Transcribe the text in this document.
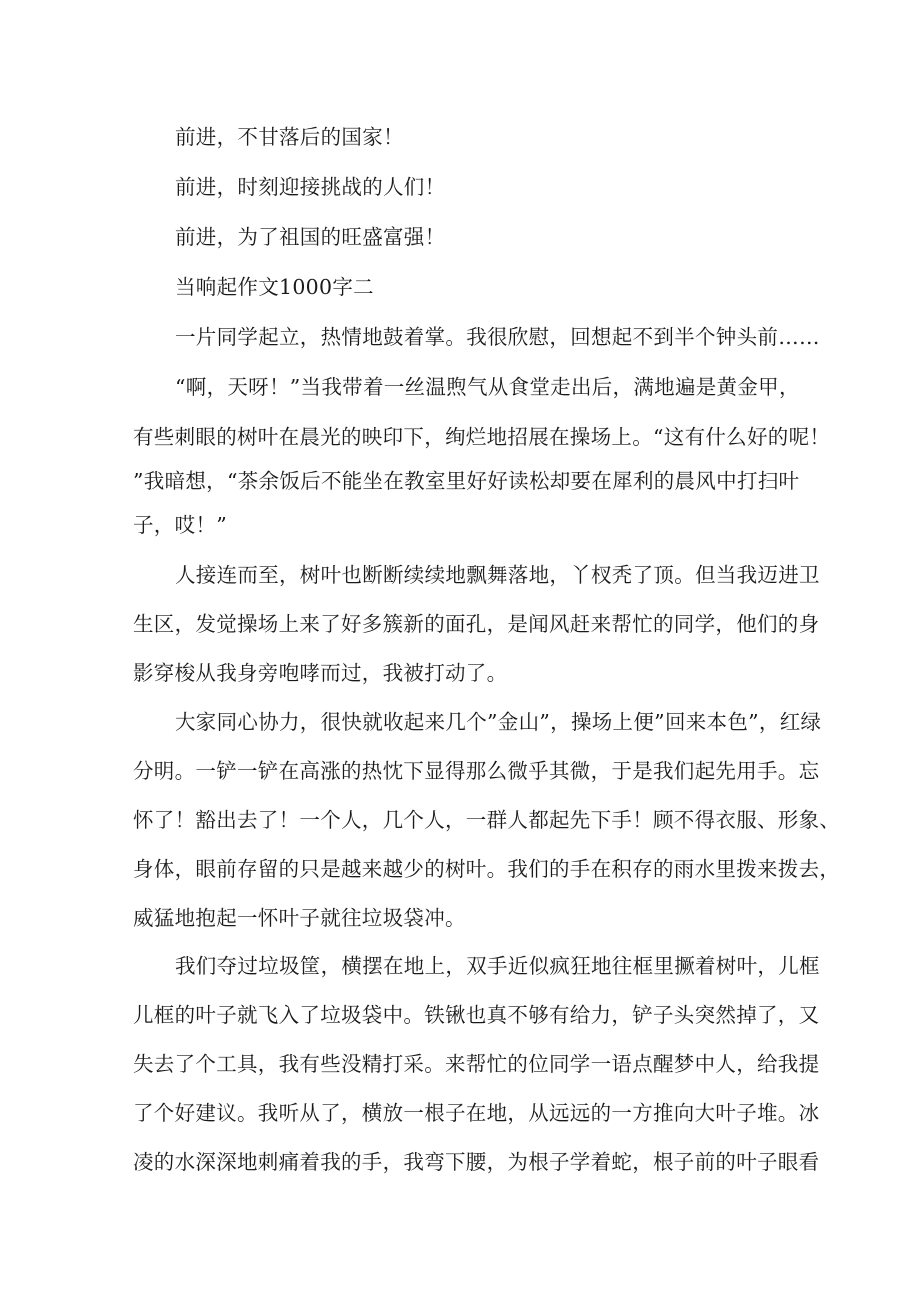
前进，不甘落后的国家！
前进，时刻迎接挑战的人们！
前进，为了祖国的旺盛富强！
当响起作文1000字二
一片同学起立，热情地鼓着掌。我很欣慰，回想起不到半个钟头前……
“啊，天呀！”当我带着一丝温煦气从食堂走出后，满地遍是黄金甲，
有些刺眼的树叶在晨光的映印下，绚烂地招展在操场上。“这有什么好的呢！
”我暗想，“茶余饭后不能坐在教室里好好读松却要在犀利的晨风中打扫叶
子，哎！”
人接连而至，树叶也断断续续地飘舞落地，丫杈秃了顶。但当我迈进卫
生区，发觉操场上来了好多簇新的面孔，是闻风赶来帮忙的同学，他们的身
影穿梭从我身旁咆哮而过，我被打动了。
大家同心协力，很快就收起来几个”金山”，操场上便”回来本色”，红绿
分明。一铲一铲在高涨的热忱下显得那么微乎其微，于是我们起先用手。忘
怀了！豁出去了！一个人，几个人，一群人都起先下手！顾不得衣服、形象、
身体，眼前存留的只是越来越少的树叶。我们的手在积存的雨水里拨来拨去，
威猛地抱起一怀叶子就往垃圾袋冲。
我们夺过垃圾筐，横摆在地上，双手近似疯狂地往框里撅着树叶，儿框
儿框的叶子就飞入了垃圾袋中。铁锹也真不够有给力，铲子头突然掉了，又
失去了个工具，我有些没精打采。来帮忙的位同学一语点醒梦中人，给我提
了个好建议。我听从了，横放一根子在地，从远远的一方推向大叶子堆。冰
凌的水深深地刺痛着我的手，我弯下腰，为根子学着蛇，根子前的叶子眼看
